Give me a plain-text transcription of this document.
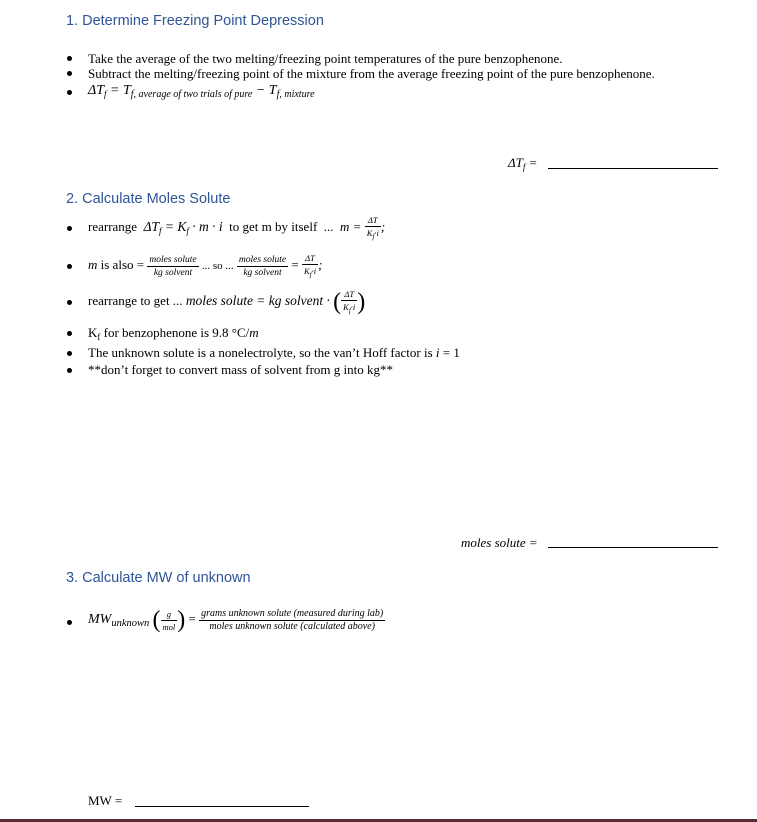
1. Determine Freezing Point Depression
Take the average of the two melting/freezing point temperatures of the pure benzophenone.
Subtract the melting/freezing point of the mixture from the average freezing point of the pure benzophenone.
$\Delta T_f = T_{f, average of two trials of pure} - T_{f, mixture}$
$\Delta T_f$ =
2. Calculate Moles Solute
rearrange $\Delta T_f = K_f \cdot m \cdot i$ to get m by itself ... $m = \frac{\Delta T}{K_f\cdot i}$ ;
m is also = $\frac{\text{moles solute}}{\text{kg solvent}}$ ... so ... $\frac{\text{moles solute}}{\text{kg solvent}} = \frac{\Delta T}{K_f\cdot i}$ ;
rearrange to get ... moles solute = kg solvent · ( $\frac{\Delta T}{K_f\cdot i}$ )
$K_f$ for benzophenone is 9.8 °C/m
The unknown solute is a nonelectrolyte, so the van’t Hoff factor is i = 1
**don’t forget to convert mass of solvent from g into kg**
moles solute =
3. Calculate MW of unknown
$MW_{unknown}$ ( $\frac{g}{\text{mol}}$ ) = $\frac{\text{grams unknown solute (measured during lab)}}{\text{moles unknown solute (calculated above)}}$
MW =
